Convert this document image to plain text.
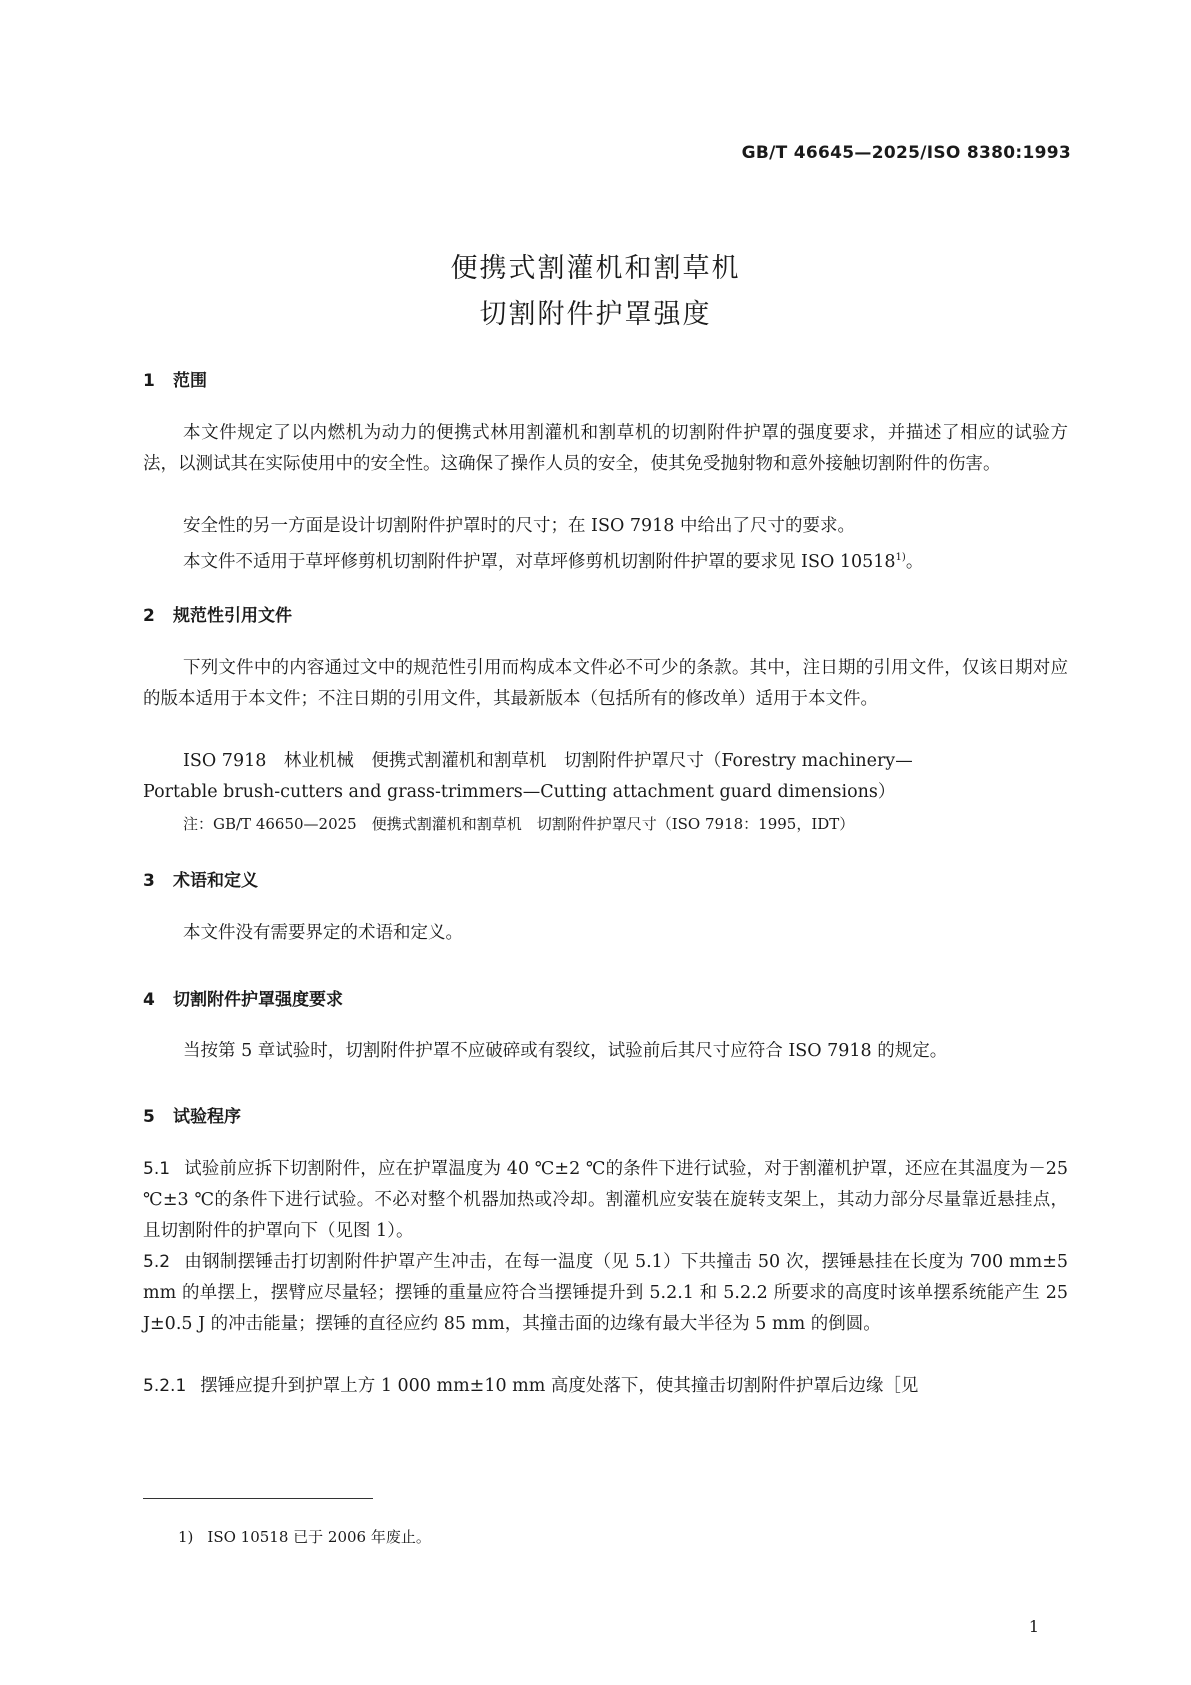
GB/T 46645—2025/ISO 8380:1993
便携式割灌机和割草机
切割附件护罩强度
1 范围
本文件规定了以内燃机为动力的便携式林用割灌机和割草机的切割附件护罩的强度要求，并描述了相应的试验方法，以测试其在实际使用中的安全性。这确保了操作人员的安全，使其免受抛射物和意外接触切割附件的伤害。
安全性的另一方面是设计切割附件护罩时的尺寸；在 ISO 7918 中给出了尺寸的要求。
本文件不适用于草坪修剪机切割附件护罩，对草坪修剪机切割附件护罩的要求见 ISO 10518$^{1)}$。
2 规范性引用文件
下列文件中的内容通过文中的规范性引用而构成本文件必不可少的条款。其中，注日期的引用文件，仅该日期对应的版本适用于本文件；不注日期的引用文件，其最新版本（包括所有的修改单）适用于本文件。
ISO 7918　林业机械　便携式割灌机和割草机　切割附件护罩尺寸（Forestry machinery—
Portable brush-cutters and grass-trimmers—Cutting attachment guard dimensions）
注：GB/T 46650—2025　便携式割灌机和割草机　切割附件护罩尺寸（ISO 7918：1995，IDT）
3 术语和定义
本文件没有需要界定的术语和定义。
4 切割附件护罩强度要求
当按第 5 章试验时，切割附件护罩不应破碎或有裂纹，试验前后其尺寸应符合 ISO 7918 的规定。
5 试验程序
5.1 试验前应拆下切割附件，应在护罩温度为 40 ℃±2 ℃的条件下进行试验，对于割灌机护罩，还应在其温度为－25 ℃±3 ℃的条件下进行试验。不必对整个机器加热或冷却。割灌机应安装在旋转支架上，其动力部分尽量靠近悬挂点，且切割附件的护罩向下（见图 1）。
5.2 由钢制摆锤击打切割附件护罩产生冲击，在每一温度（见 5.1）下共撞击 50 次，摆锤悬挂在长度为 700 mm±5 mm 的单摆上，摆臂应尽量轻；摆锤的重量应符合当摆锤提升到 5.2.1 和 5.2.2 所要求的高度时该单摆系统能产生 25 J±0.5 J 的冲击能量；摆锤的直径应约 85 mm，其撞击面的边缘有最大半径为 5 mm 的倒圆。
5.2.1 摆锤应提升到护罩上方 1 000 mm±10 mm 高度处落下，使其撞击切割附件护罩后边缘［见
1) ISO 10518 已于 2006 年废止。
1
